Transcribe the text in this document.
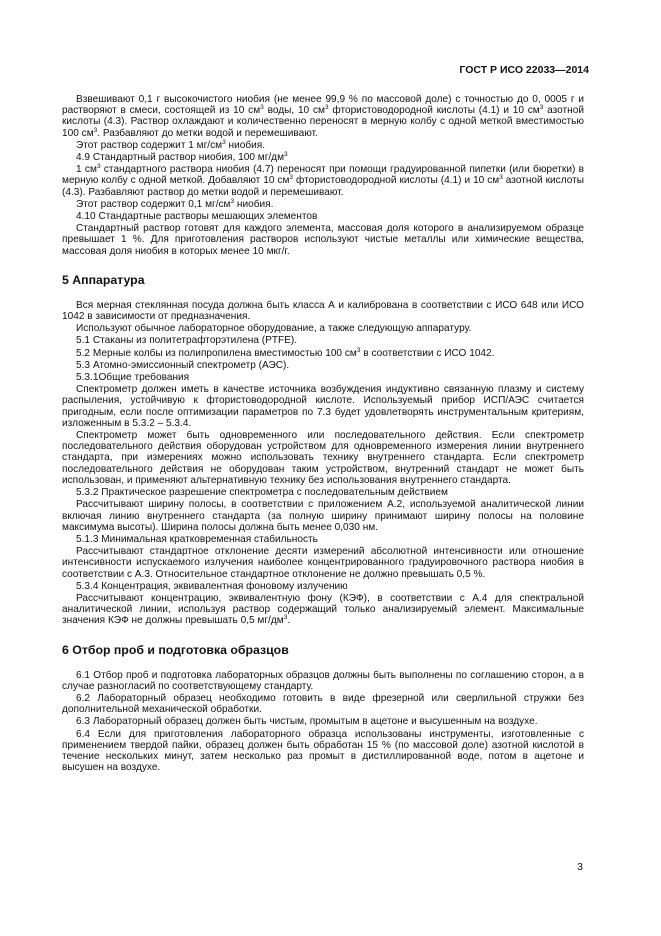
ГОСТ Р ИСО 22033—2014

Взвешивают 0,1 г высокочистого ниобия (не менее 99,9 % по массовой доле) с точностью до 0, 0005 г и растворяют в смеси, состоящей из 10 $см^3$ воды, 10 $см^3$ фтористоводородной кислоты (4.1) и 10 $см^3$ азотной кислоты (4.3). Раствор охлаждают и количественно переносят в мерную колбу с одной меткой вместимостью 100 $см^3$. Разбавляют до метки водой и перемешивают.

Этот раствор содержит 1 $мг/см^3$ ниобия.

4.9 Стандартный раствор ниобия, 100 $мг/дм^3$

1 $см^3$ стандартного раствора ниобия (4.7) переносят при помощи градуированной пипетки (или бюретки) в мерную колбу с одной меткой. Добавляют 10 $см^3$ фтористоводородной кислоты (4.1) и 10 $см^3$ азотной кислоты (4.3). Разбавляют раствор до метки водой и перемешивают.

Этот раствор содержит 0,1 $мг/см^3$ ниобия.

4.10 Стандартные растворы мешающих элементов

Стандартный раствор готовят для каждого элемента, массовая доля которого в анализируемом образце превышает 1 %. Для приготовления растворов используют чистые металлы или химические вещества, массовая доля ниобия в которых менее 10 мкг/г.

5 Аппаратура

Вся мерная стеклянная посуда должна быть класса А и калибрована в соответствии с ИСО 648 или ИСО 1042 в зависимости от предназначения.

Используют обычное лабораторное оборудование, а также следующую аппаратуру.

5.1 Стаканы из политетрафторэтилена (PTFE).

5.2 Мерные колбы из полипропилена вместимостью 100 $см^3$ в соответствии с ИСО 1042.

5.3 Атомно-эмиссионный спектрометр (АЭС).

5.3.1Общие требования

Спектрометр должен иметь в качестве источника возбуждения индуктивно связанную плазму и систему распыления, устойчивую к фтористоводородной кислоте. Используемый прибор ИСП/АЭС считается пригодным, если после оптимизации параметров по 7.3 будет удовлетворять инструментальным критериям, изложенным в 5.3.2 – 5.3.4.

Спектрометр может быть одновременного или последовательного действия. Если спектрометр последовательного действия оборудован устройством для одновременного измерения линии внутреннего стандарта, при измерениях можно использовать технику внутреннего стандарта. Если спектрометр последовательного действия не оборудован таким устройством, внутренний стандарт не может быть использован, и применяют альтернативную технику без использования внутреннего стандарта.

5.3.2 Практическое разрешение спектрометра с последовательным действием

Рассчитывают ширину полосы, в соответствии с приложением А.2, используемой аналитической линии включая линию внутреннего стандарта (за полную ширину принимают ширину полосы на половине максимума высоты). Ширина полосы должна быть менее 0,030 нм.

5.1.3 Минимальная кратковременная стабильность

Рассчитывают стандартное отклонение десяти измерений абсолютной интенсивности или отношение интенсивности испускаемого излучения наиболее концентрированного градуировочного раствора ниобия в соответствии с А.3. Относительное стандартное отклонение не должно превышать 0,5 %.

5.3.4 Концентрация, эквивалентная фоновому излучению

Рассчитывают концентрацию, эквивалентную фону (КЭФ), в соответствии с А.4 для спектральной аналитической линии, используя раствор содержащий только анализируемый элемент. Максимальные значения КЭФ не должны превышать 0,5 $мг/дм^3$.

6 Отбор проб и подготовка образцов

6.1 Отбор проб и подготовка лабораторных образцов должны быть выполнены по соглашению сторон, а в случае разногласий по соответствующему стандарту.

6.2 Лабораторный образец необходимо готовить в виде фрезерной или сверлильной стружки без дополнительной механической обработки.

6.3 Лабораторный образец должен быть чистым, промытым в ацетоне и высушенным на воздухе.

6.4 Если для приготовления лабораторного образца использованы инструменты, изготовленные с применением твердой пайки, образец должен быть обработан 15 % (по массовой доле) азотной кислотой в течение нескольких минут, затем несколько раз промыт в дистиллированной воде, потом в ацетоне и высушен на воздухе.

3
